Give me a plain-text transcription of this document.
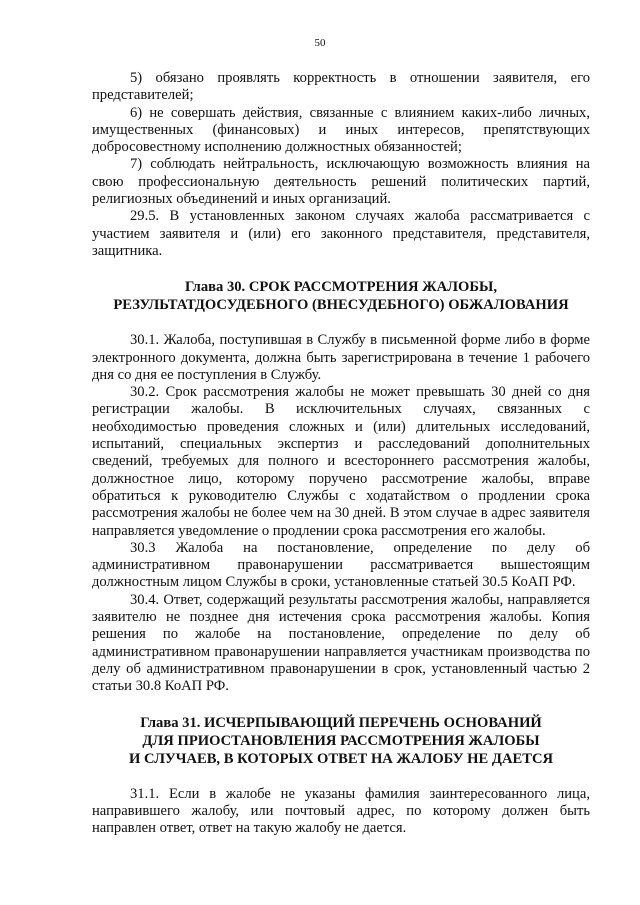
50

5) обязано проявлять корректность в отношении заявителя, его представителей;

6) не совершать действия, связанные с влиянием каких-либо личных, имущественных (финансовых) и иных интересов, препятствующих добросовестному исполнению должностных обязанностей;

7) соблюдать нейтральность, исключающую возможность влияния на свою профессиональную деятельность решений политических партий, религиозных объединений и иных организаций.

29.5. В установленных законом случаях жалоба рассматривается с участием заявителя и (или) его законного представителя, представителя, защитника.

Глава 30. СРОК РАССМОТРЕНИЯ ЖАЛОБЫ,
РЕЗУЛЬТАТДОСУДЕБНОГО (ВНЕСУДЕБНОГО) ОБЖАЛОВАНИЯ

30.1. Жалоба, поступившая в Службу в письменной форме либо в форме электронного документа, должна быть зарегистрирована в течение 1 рабочего дня со дня ее поступления в Службу.

30.2. Срок рассмотрения жалобы не может превышать 30 дней со дня регистрации жалобы. В исключительных случаях, связанных с необходимостью проведения сложных и (или) длительных исследований, испытаний, специальных экспертиз и расследований дополнительных сведений, требуемых для полного и всестороннего рассмотрения жалобы, должностное лицо, которому поручено рассмотрение жалобы, вправе обратиться к руководителю Службы с ходатайством о продлении срока рассмотрения жалобы не более чем на 30 дней. В этом случае в адрес заявителя направляется уведомление о продлении срока рассмотрения его жалобы.

30.3 Жалоба на постановление, определение по делу об административном правонарушении рассматривается вышестоящим должностным лицом Службы в сроки, установленные статьей 30.5 КоАП РФ.

30.4. Ответ, содержащий результаты рассмотрения жалобы, направляется заявителю не позднее дня истечения срока рассмотрения жалобы. Копия решения по жалобе на постановление, определение по делу об административном правонарушении направляется участникам производства по делу об административном правонарушении в срок, установленный частью 2 статьи 30.8 КоАП РФ.

Глава 31. ИСЧЕРПЫВАЮЩИЙ ПЕРЕЧЕНЬ ОСНОВАНИЙ
ДЛЯ ПРИОСТАНОВЛЕНИЯ РАССМОТРЕНИЯ ЖАЛОБЫ
И СЛУЧАЕВ, В КОТОРЫХ ОТВЕТ НА ЖАЛОБУ НЕ ДАЕТСЯ

31.1. Если в жалобе не указаны фамилия заинтересованного лица, направившего жалобу, или почтовый адрес, по которому должен быть направлен ответ, ответ на такую жалобу не дается.
